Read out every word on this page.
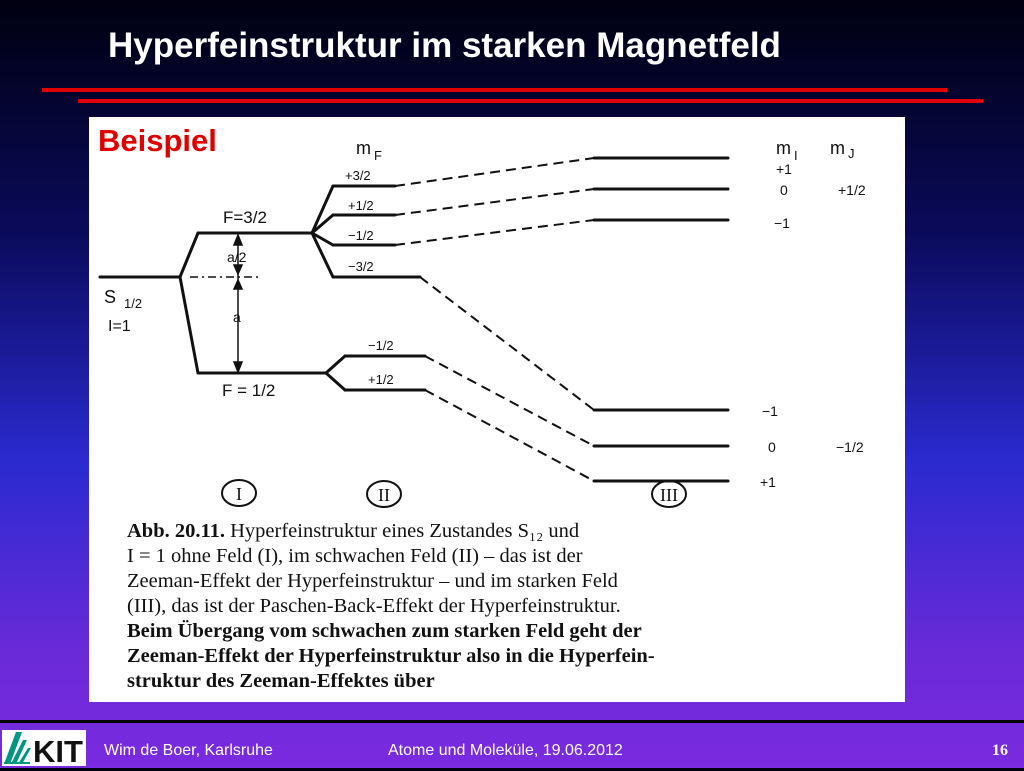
Hyperfeinstruktur im starken Magnetfeld
Beispiel	m F	m I m J
S 1/2
I=1
F=3/2
F = 1/2
a/2
a
+3/2
+1/2
−1/2
−3/2
−1/2
+1/2
+1
0
−1
−1
0
+1
+1/2
−1/2
I	II	III
Abb. 20.11. Hyperfeinstruktur eines Zustandes S₁₂ und
I = 1 ohne Feld (I), im schwachen Feld (II) – das ist der
Zeeman-Effekt der Hyperfeinstruktur – und im starken Feld
(III), das ist der Paschen-Back-Effekt der Hyperfeinstruktur.
Beim Übergang vom schwachen zum starken Feld geht der
Zeeman-Effekt der Hyperfeinstruktur also in die Hyperfein-
struktur des Zeeman-Effektes über
KIT Wim de Boer, Karlsruhe	Atome und Moleküle, 19.06.2012	16
